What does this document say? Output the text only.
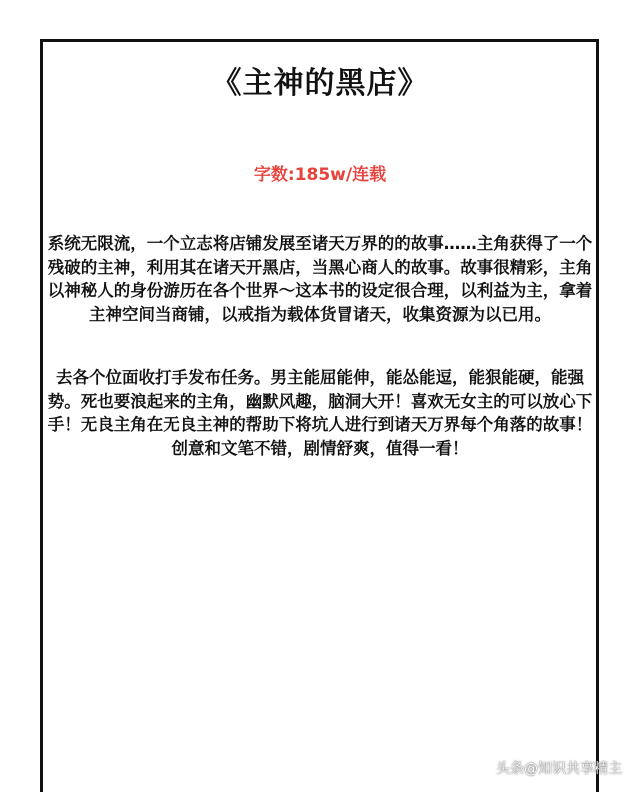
《主神的黑店》
字数:185w/连载

系统无限流，一个立志将店铺发展至诸天万界的的故事……主角获得了一个残破的主神，利用其在诸天开黑店，当黑心商人的故事。故事很精彩，主角以神秘人的身份游历在各个世界～这本书的设定很合理，以利益为主，拿着主神空间当商铺，以戒指为载体货冒诸天，收集资源为以已用。

去各个位面收打手发布任务。男主能屈能伸，能怂能逗，能狠能硬，能强势。死也要浪起来的主角，幽默风趣，脑洞大开！喜欢无女主的可以放心下手！无良主角在无良主神的帮助下将坑人进行到诸天万界每个角落的故事！创意和文笔不错，剧情舒爽，值得一看！

头条@知识共享精主
